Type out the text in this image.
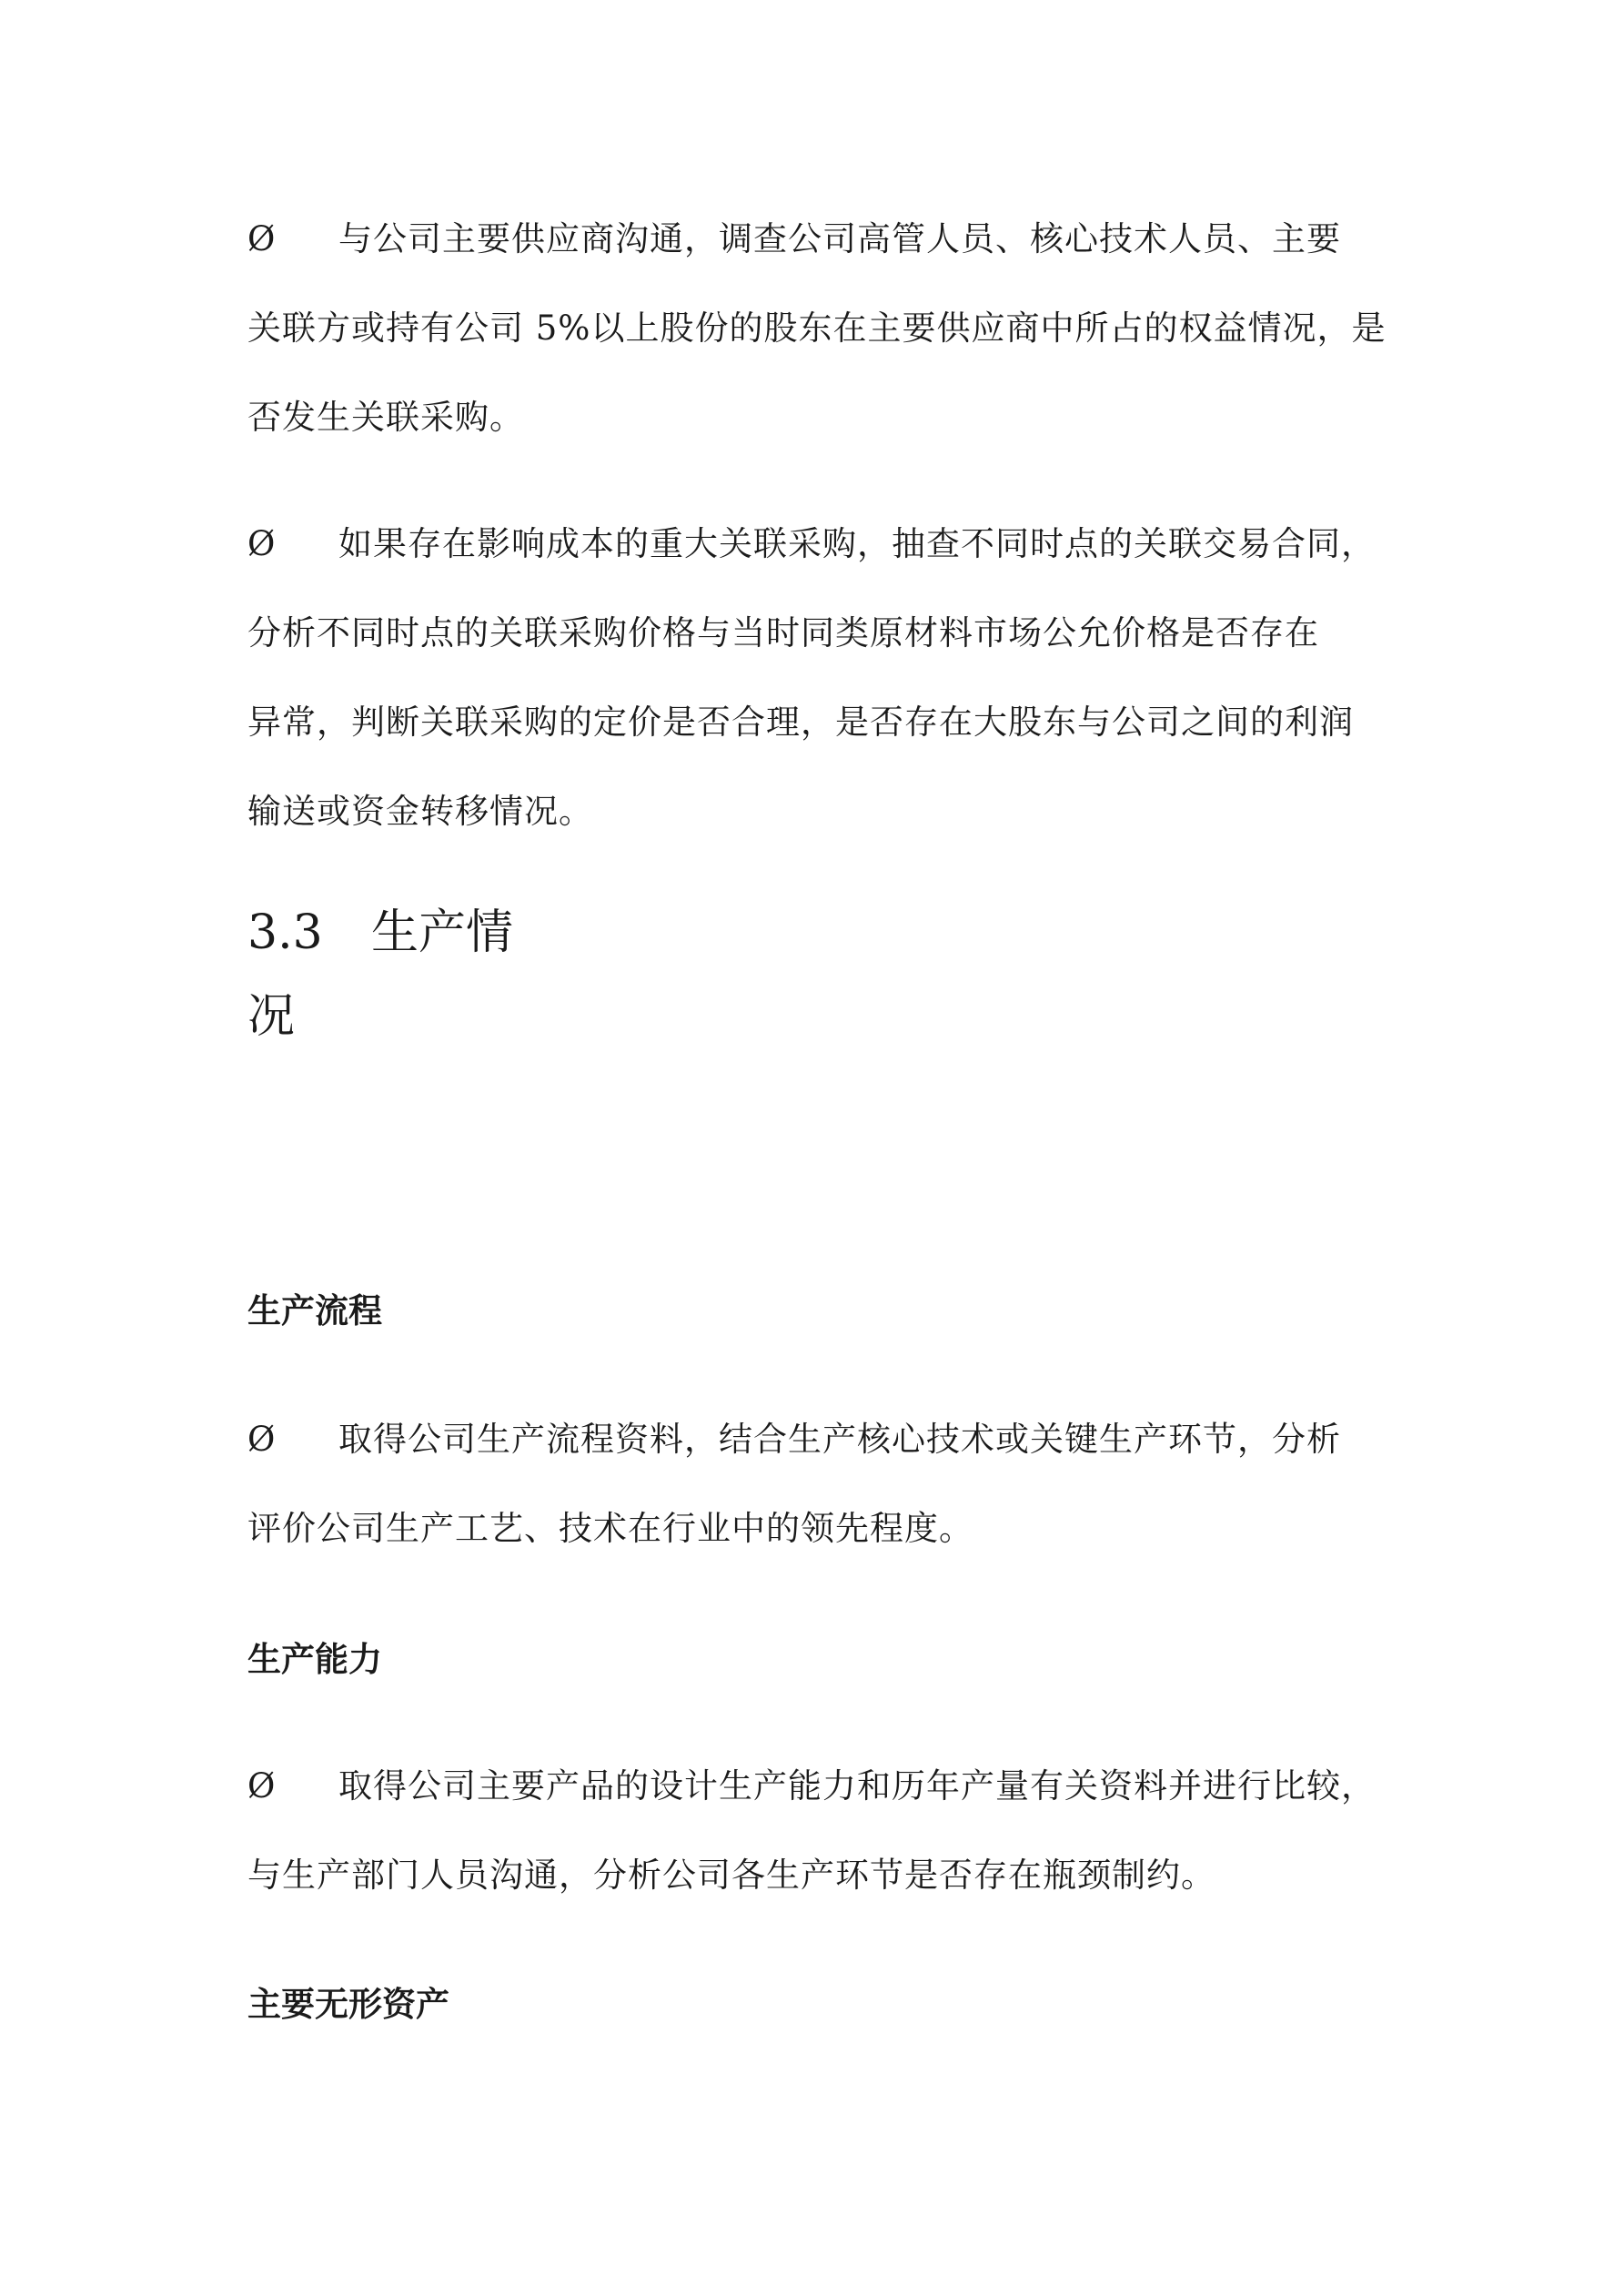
Ø 与公司主要供应商沟通，调查公司高管人员、核心技术人员、主要
关联方或持有公司 5%以上股份的股东在主要供应商中所占的权益情况，是
否发生关联采购。
Ø 如果存在影响成本的重大关联采购，抽查不同时点的关联交易合同，
分析不同时点的关联采购价格与当时同类原材料市场公允价格是否存在
异常，判断关联采购的定价是否合理，是否存在大股东与公司之间的利润
输送或资金转移情况。
3.3 生产情
况
生产流程
Ø 取得公司生产流程资料，结合生产核心技术或关键生产环节，分析
评价公司生产工艺、技术在行业中的领先程度。
生产能力
Ø 取得公司主要产品的设计生产能力和历年产量有关资料并进行比较，
与生产部门人员沟通，分析公司各生产环节是否存在瓶颈制约。
主要无形资产
